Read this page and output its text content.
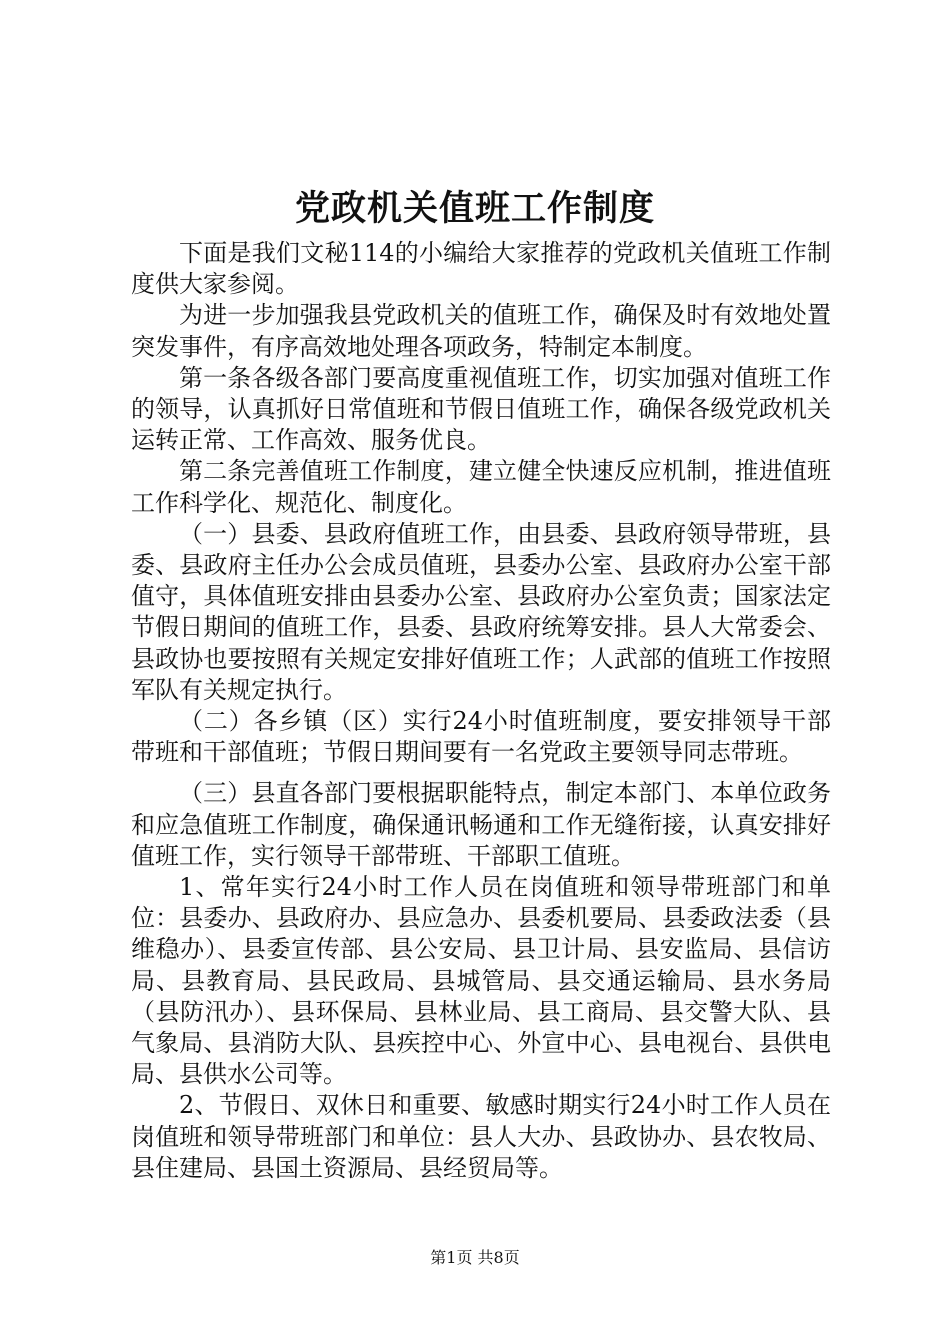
党政机关值班工作制度

下面是我们文秘114的小编给大家推荐的党政机关值班工作制度供大家参阅。

为进一步加强我县党政机关的值班工作，确保及时有效地处置突发事件，有序高效地处理各项政务，特制定本制度。

第一条各级各部门要高度重视值班工作，切实加强对值班工作的领导，认真抓好日常值班和节假日值班工作，确保各级党政机关运转正常、工作高效、服务优良。

第二条完善值班工作制度，建立健全快速反应机制，推进值班工作科学化、规范化、制度化。

（一）县委、县政府值班工作，由县委、县政府领导带班，县委、县政府主任办公会成员值班，县委办公室、县政府办公室干部值守，具体值班安排由县委办公室、县政府办公室负责；国家法定节假日期间的值班工作，县委、县政府统筹安排。县人大常委会、县政协也要按照有关规定安排好值班工作；人武部的值班工作按照军队有关规定执行。

（二）各乡镇（区）实行24小时值班制度，要安排领导干部带班和干部值班；节假日期间要有一名党政主要领导同志带班。

（三）县直各部门要根据职能特点，制定本部门、本单位政务和应急值班工作制度，确保通讯畅通和工作无缝衔接，认真安排好值班工作，实行领导干部带班、干部职工值班。

1、常年实行24小时工作人员在岗值班和领导带班部门和单位：县委办、县政府办、县应急办、县委机要局、县委政法委（县维稳办）、县委宣传部、县公安局、县卫计局、县安监局、县信访局、县教育局、县民政局、县城管局、县交通运输局、县水务局（县防汛办）、县环保局、县林业局、县工商局、县交警大队、县气象局、县消防大队、县疾控中心、外宣中心、县电视台、县供电局、县供水公司等。

2、节假日、双休日和重要、敏感时期实行24小时工作人员在岗值班和领导带班部门和单位：县人大办、县政协办、县农牧局、县住建局、县国土资源局、县经贸局等。

第1页 共8页
